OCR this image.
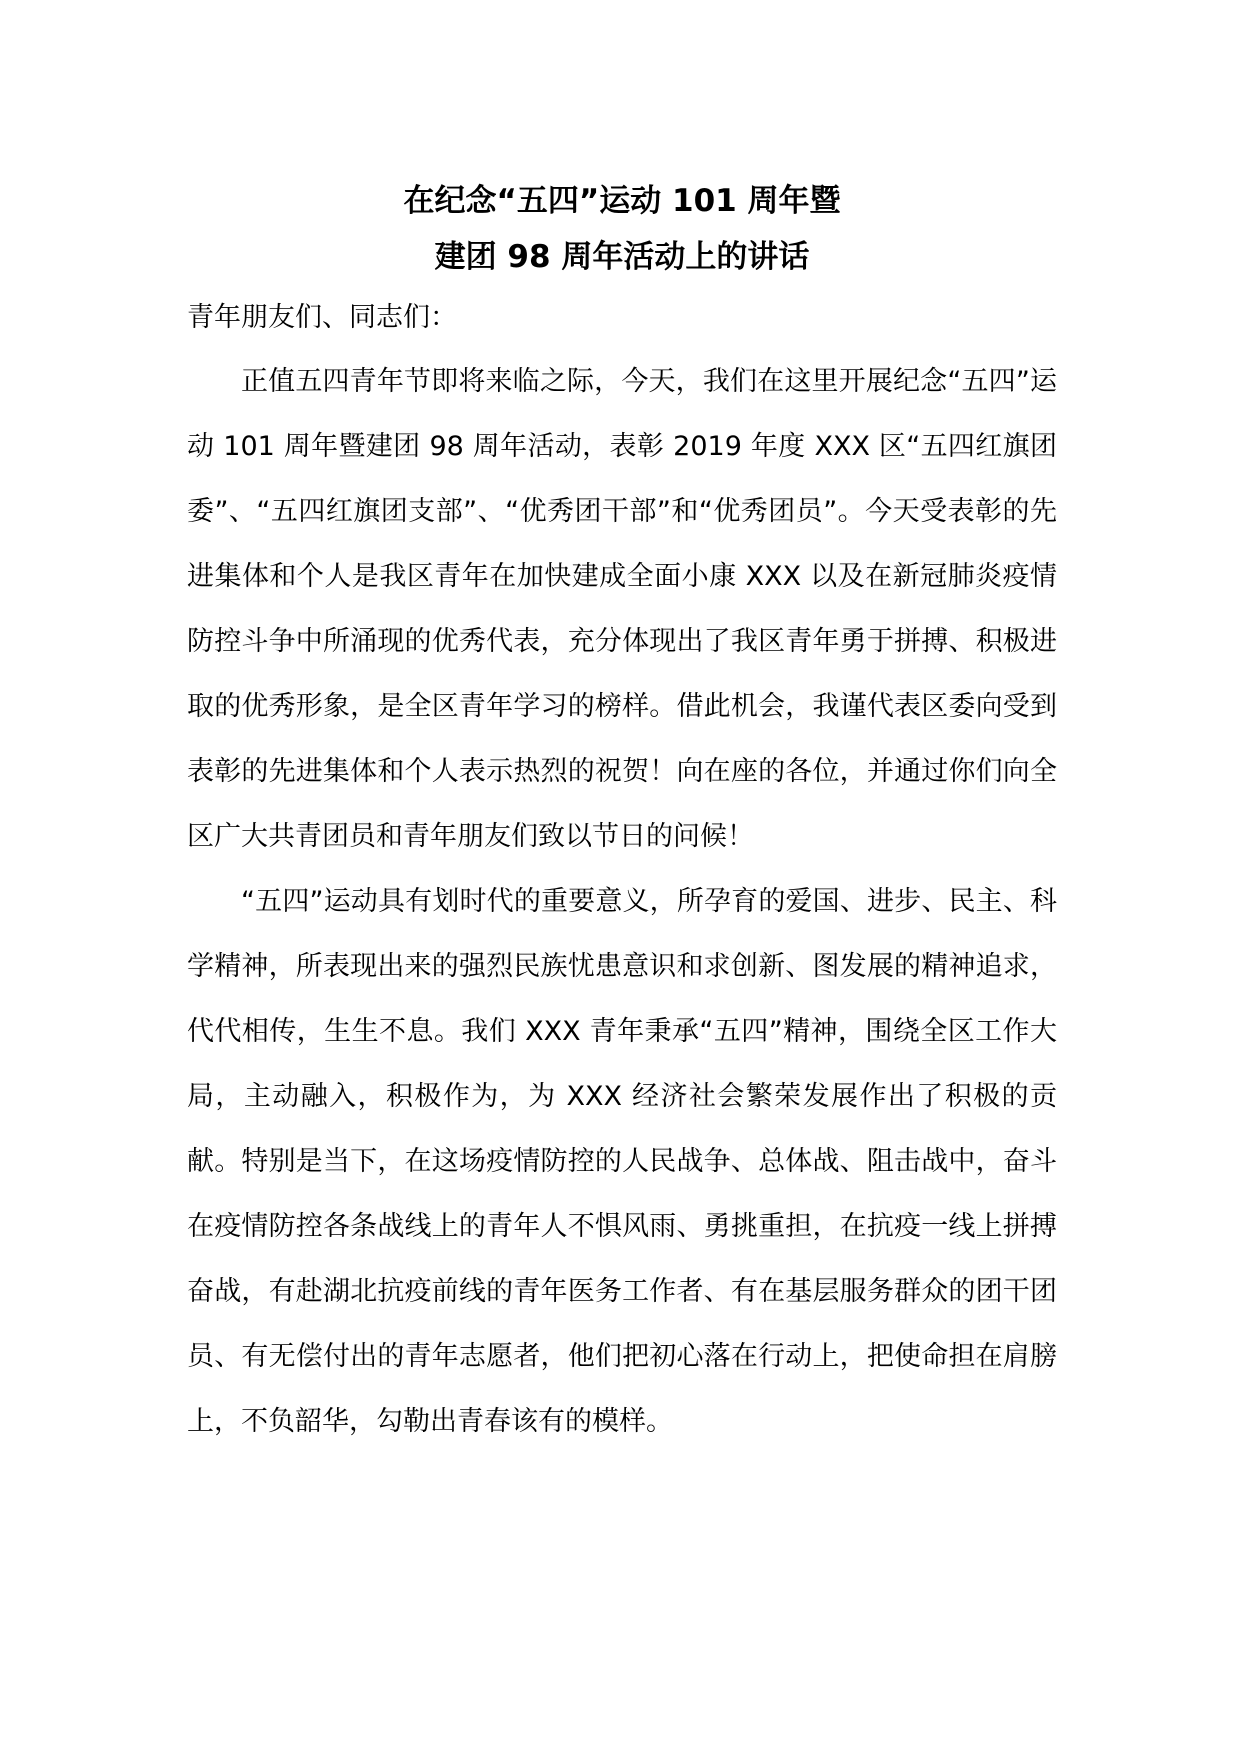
在纪念“五四”运动 101 周年暨
建团 98 周年活动上的讲话

青年朋友们、同志们：

正值五四青年节即将来临之际，今天，我们在这里开展纪念“五四”运动 101 周年暨建团 98 周年活动，表彰 2019 年度 XXX 区“五四红旗团委”、“五四红旗团支部”、“优秀团干部”和“优秀团员”。今天受表彰的先进集体和个人是我区青年在加快建成全面小康 XXX 以及在新冠肺炎疫情防控斗争中所涌现的优秀代表，充分体现出了我区青年勇于拼搏、积极进取的优秀形象，是全区青年学习的榜样。借此机会，我谨代表区委向受到表彰的先进集体和个人表示热烈的祝贺！向在座的各位，并通过你们向全区广大共青团员和青年朋友们致以节日的问候！

“五四”运动具有划时代的重要意义，所孕育的爱国、进步、民主、科学精神，所表现出来的强烈民族忧患意识和求创新、图发展的精神追求，代代相传，生生不息。我们 XXX 青年秉承“五四”精神，围绕全区工作大局，主动融入，积极作为，为 XXX 经济社会繁荣发展作出了积极的贡献。特别是当下，在这场疫情防控的人民战争、总体战、阻击战中，奋斗在疫情防控各条战线上的青年人不惧风雨、勇挑重担，在抗疫一线上拼搏奋战，有赴湖北抗疫前线的青年医务工作者、有在基层服务群众的团干团员、有无偿付出的青年志愿者，他们把初心落在行动上，把使命担在肩膀上，不负韶华，勾勒出青春该有的模样。
